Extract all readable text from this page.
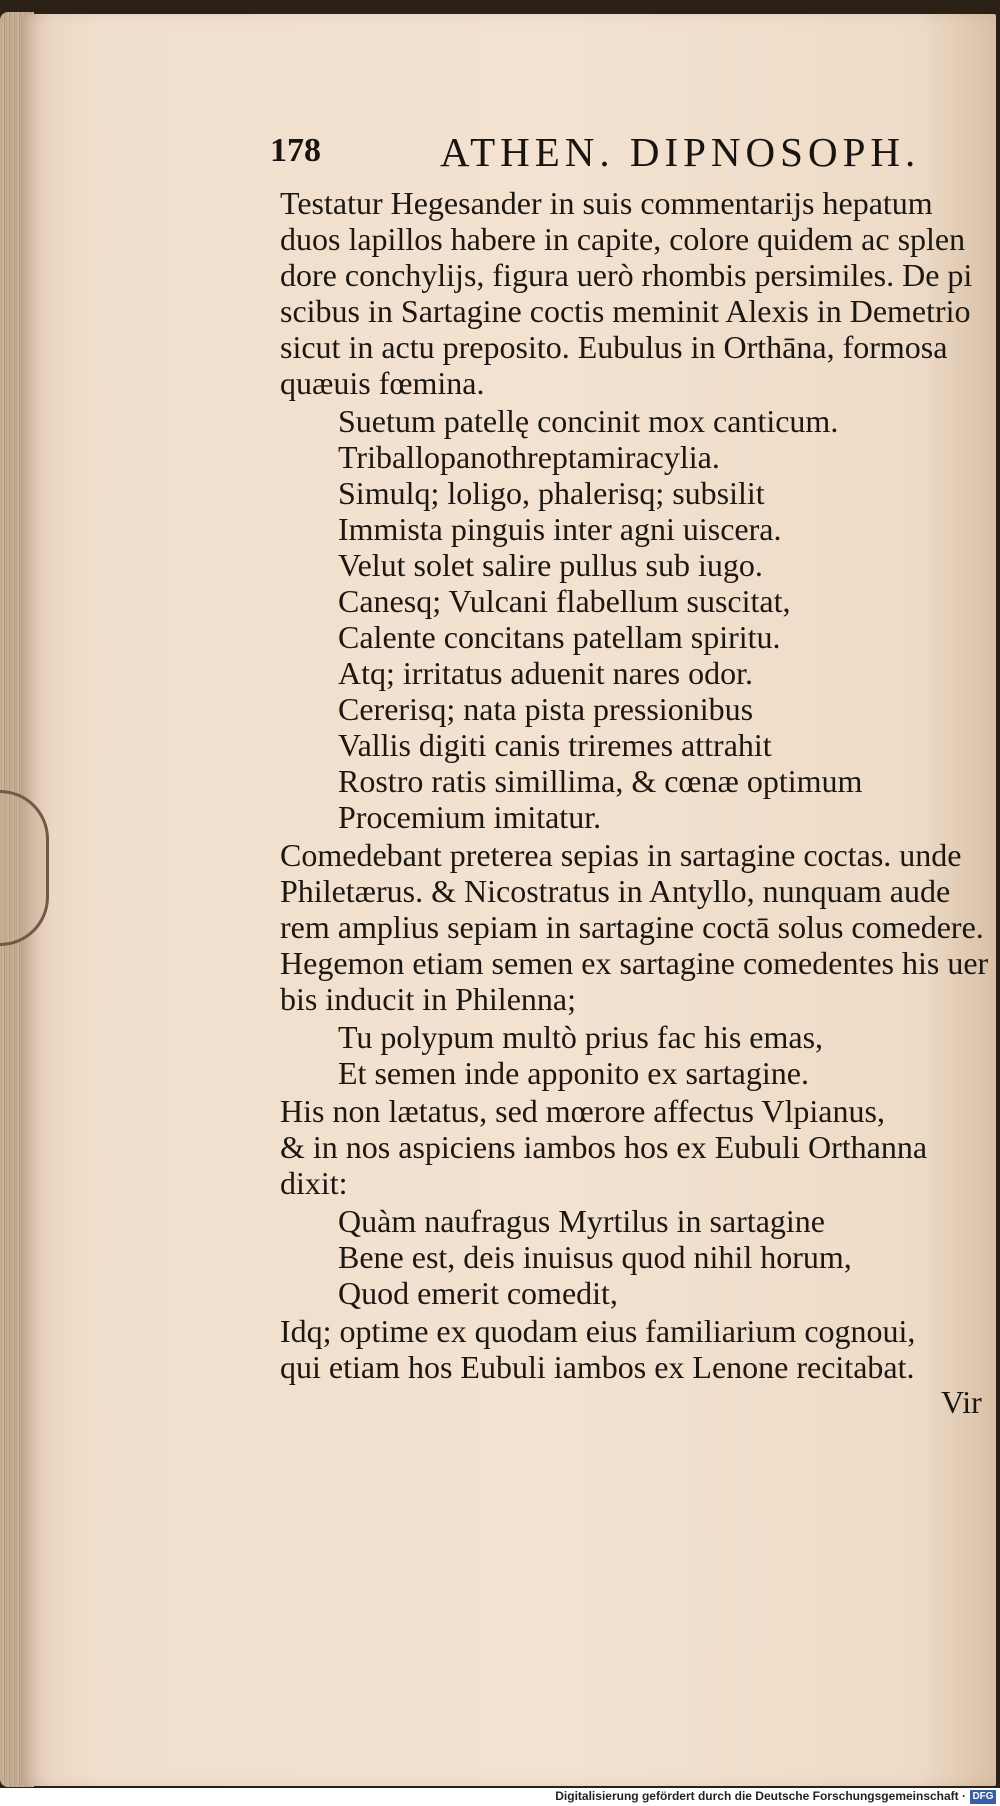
178	ATHEN. DIPNOSOPH.
Testatur Hegesander in suis commentarijs hepatum
duos lapillos habere in capite, colore quidem ac splen
dore conchylijs, figura uerò rhombis persimiles. De pi
scibus in Sartagine coctis meminit Alexis in Demetrio
sicut in actu preposito. Eubulus in Orthāna, formosa
quæuis fœmina.
Suetum patellę concinit mox canticum.
Triballopanothreptamiracylia.
Simulq; loligo, phalerisq; subsilit
Immista pinguis inter agni uiscera.
Velut solet salire pullus sub iugo.
Canesq; Vulcani flabellum suscitat,
Calente concitans patellam spiritu.
Atq; irritatus aduenit nares odor.
Cererisq; nata pista pressionibus
Vallis digiti canis triremes attrahit
Rostro ratis simillima, & cœnæ optimum
Procemium imitatur.
Comedebant preterea sepias in sartagine coctas. unde
Philetærus. & Nicostratus in Antyllo, nunquam aude
rem amplius sepiam in sartagine coctā solus comedere.
Hegemon etiam semen ex sartagine comedentes his uer
bis inducit in Philenna;
Tu polypum multò prius fac his emas,
Et semen inde apponito ex sartagine.
His non lætatus, sed mœrore affectus Vlpianus,
& in nos aspiciens iambos hos ex Eubuli Orthanna
dixit:
Quàm naufragus Myrtilus in sartagine
Bene est, deis inuisus quod nihil horum,
Quod emerit comedit,
Idq; optime ex quodam eius familiarium cognoui,
qui etiam hos Eubuli iambos ex Lenone recitabat.
Vir
Digitalisierung gefördert durch die Deutsche Forschungsgemeinschaft · DFG
